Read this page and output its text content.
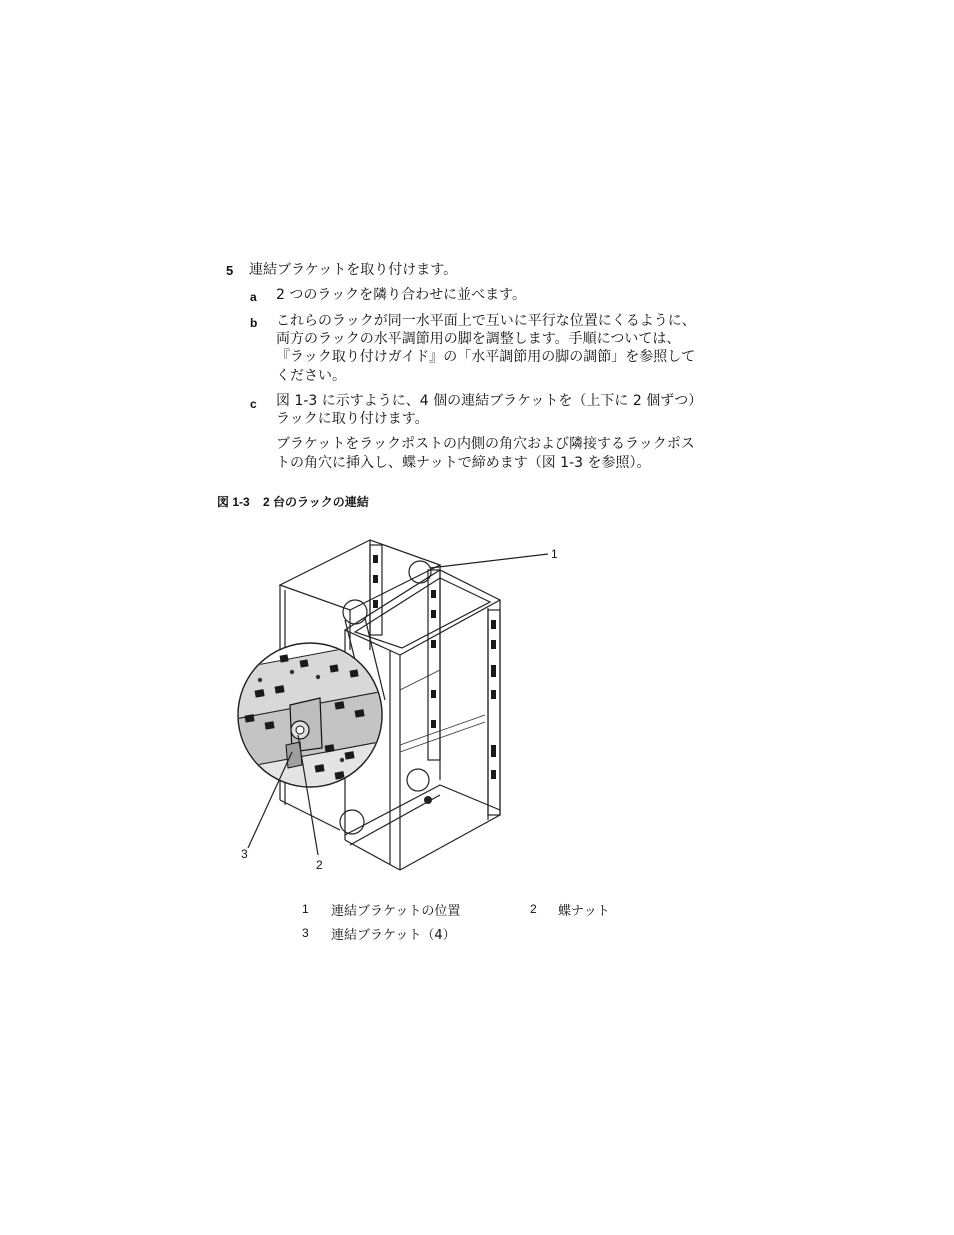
5 連結ブラケットを取り付けます。
a 2 つのラックを隣り合わせに並べます。
b これらのラックが同一水平面上で互いに平行な位置にくるように、
両方のラックの水平調節用の脚を調整します。手順については、
『ラック取り付けガイド』の「水平調節用の脚の調節」を参照して
ください。
c 図 1-3 に示すように、4 個の連結ブラケットを（上下に 2 個ずつ）
ラックに取り付けます。
ブラケットをラックポストの内側の角穴および隣接するラックポス
トの角穴に挿入し、蝶ナットで締めます（図 1-3 を参照）。
図 1-3 2 台のラックの連結
1
2
3
1 連結ブラケットの位置	2 蝶ナット
3 連結ブラケット（4）
